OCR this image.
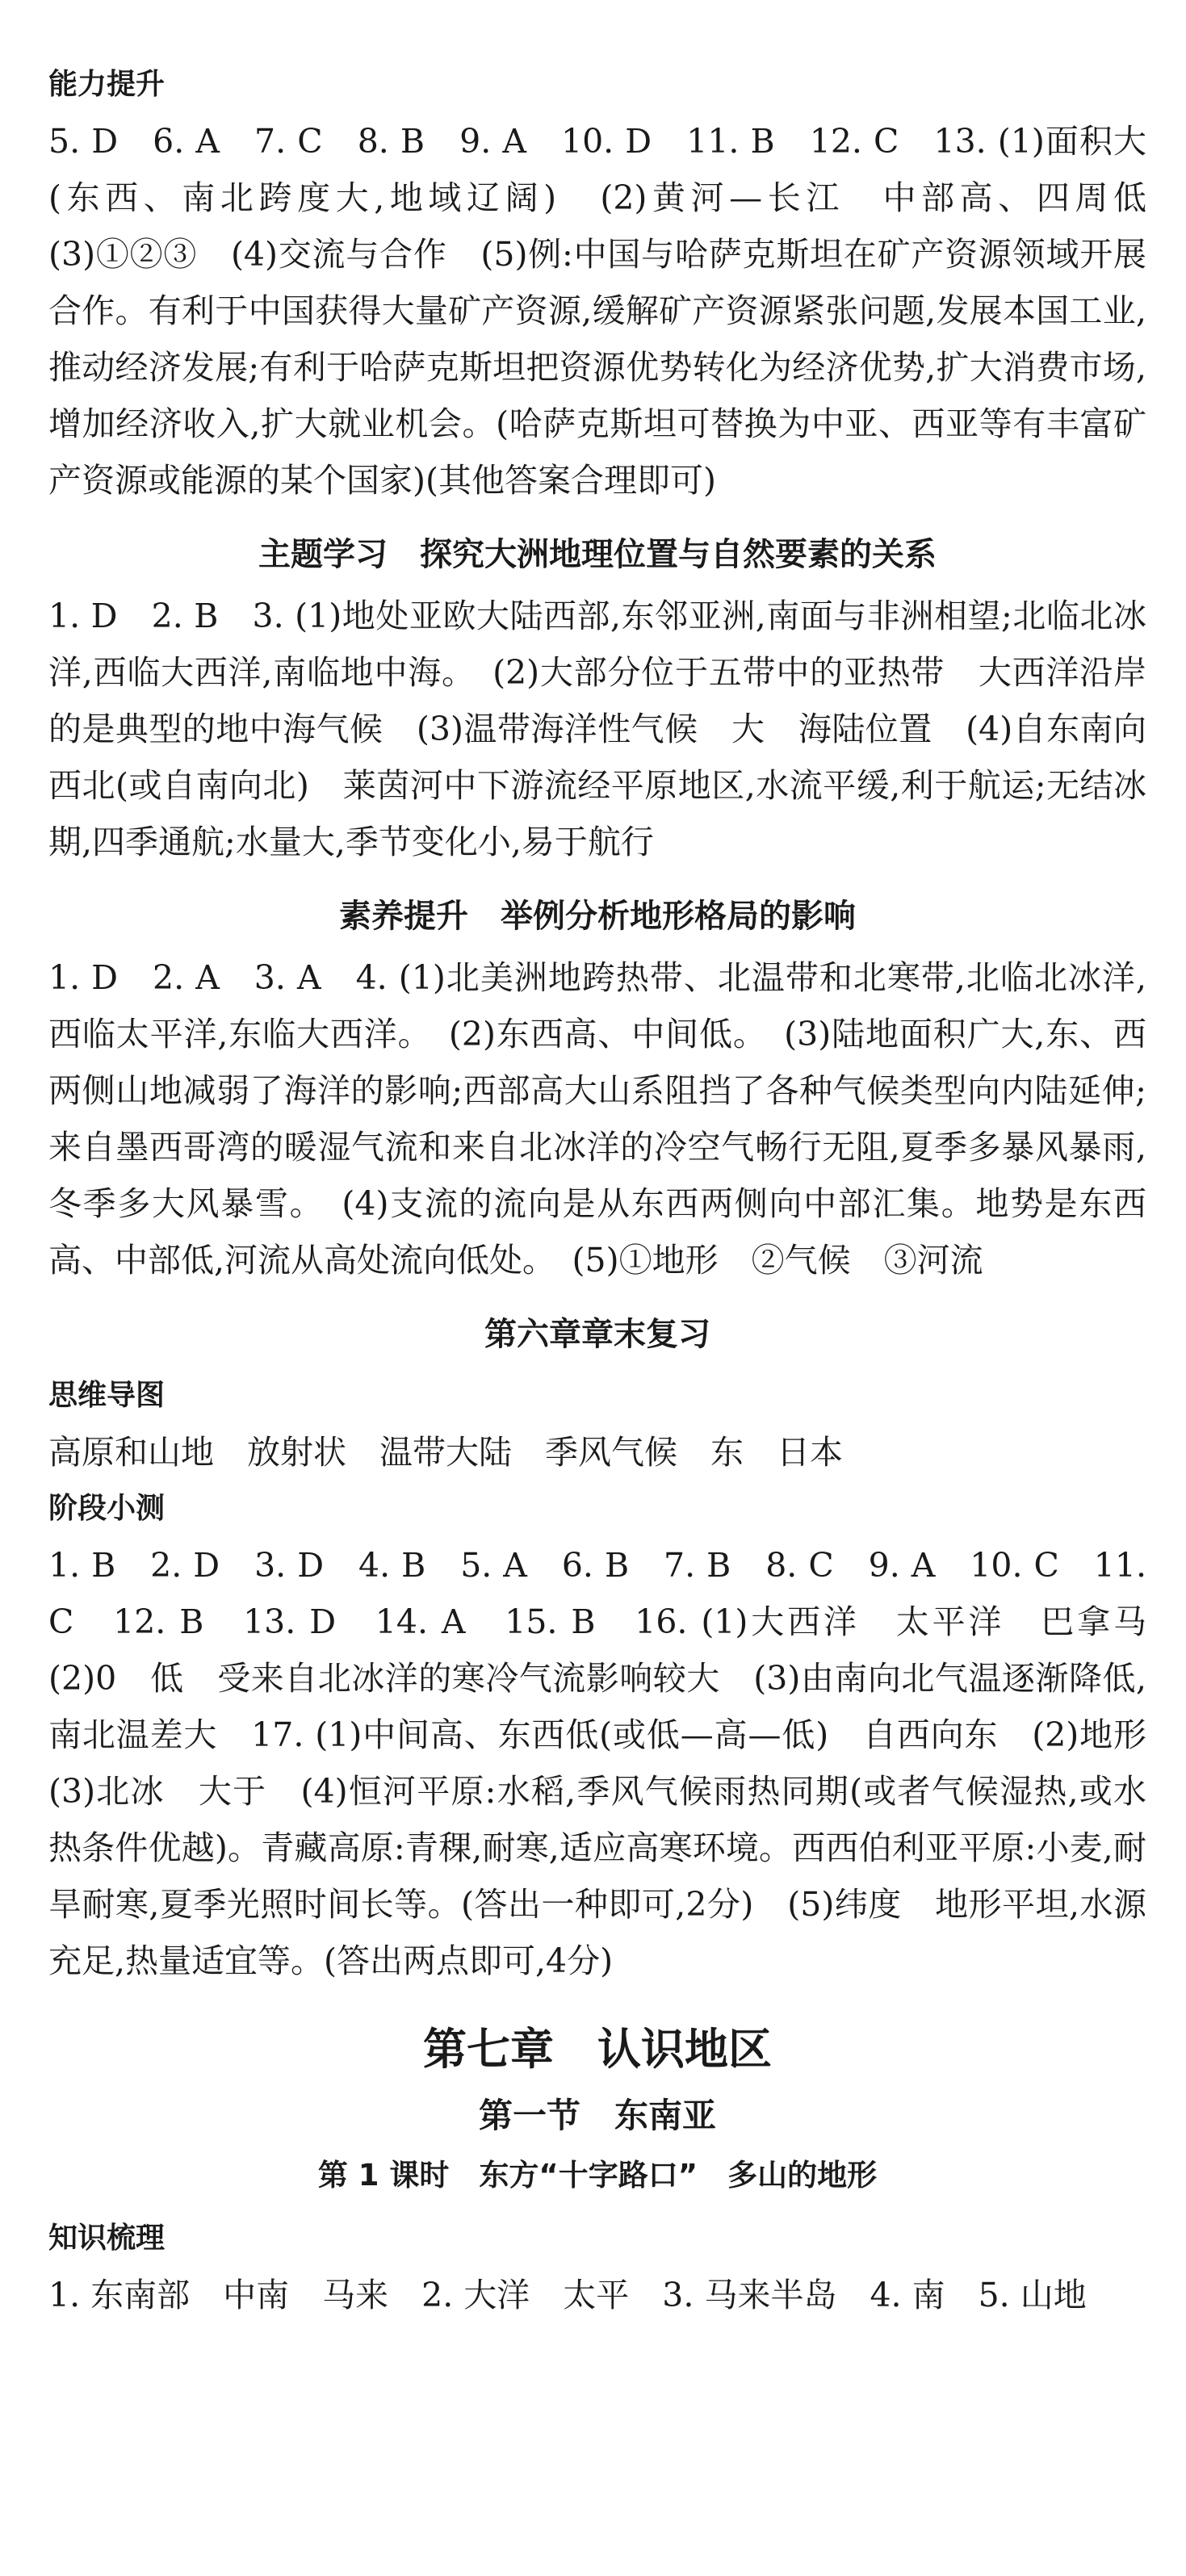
能力提升

5. D　6. A　7. C　8. B　9. A　10. D　11. B　12. C　13. (1)面积大(东西、南北跨度大,地域辽阔)　(2)黄河—长江　中部高、四周低　(3)①②③　(4)交流与合作　(5)例:中国与哈萨克斯坦在矿产资源领域开展合作。有利于中国获得大量矿产资源,缓解矿产资源紧张问题,发展本国工业,推动经济发展;有利于哈萨克斯坦把资源优势转化为经济优势,扩大消费市场,增加经济收入,扩大就业机会。(哈萨克斯坦可替换为中亚、西亚等有丰富矿产资源或能源的某个国家)(其他答案合理即可)

主题学习　探究大洲地理位置与自然要素的关系

1. D　2. B　3. (1)地处亚欧大陆西部,东邻亚洲,南面与非洲相望;北临北冰洋,西临大西洋,南临地中海。　(2)大部分位于五带中的亚热带　大西洋沿岸的是典型的地中海气候　(3)温带海洋性气候　大　海陆位置　(4)自东南向西北(或自南向北)　莱茵河中下游流经平原地区,水流平缓,利于航运;无结冰期,四季通航;水量大,季节变化小,易于航行

素养提升　举例分析地形格局的影响

1. D　2. A　3. A　4. (1)北美洲地跨热带、北温带和北寒带,北临北冰洋,西临太平洋,东临大西洋。　(2)东西高、中间低。　(3)陆地面积广大,东、西两侧山地减弱了海洋的影响;西部高大山系阻挡了各种气候类型向内陆延伸;来自墨西哥湾的暖湿气流和来自北冰洋的冷空气畅行无阻,夏季多暴风暴雨,冬季多大风暴雪。　(4)支流的流向是从东西两侧向中部汇集。地势是东西高、中部低,河流从高处流向低处。　(5)①地形　②气候　③河流

第六章章末复习

思维导图

高原和山地　放射状　温带大陆　季风气候　东　日本

阶段小测

1. B　2. D　3. D　4. B　5. A　6. B　7. B　8. C　9. A　10. C　11. C　12. B　13. D　14. A　15. B　16. (1)大西洋　太平洋　巴拿马　(2)0　低　受来自北冰洋的寒冷气流影响较大　(3)由南向北气温逐渐降低,南北温差大　17. (1)中间高、东西低(或低—高—低)　自西向东　(2)地形　(3)北冰　大于　(4)恒河平原:水稻,季风气候雨热同期(或者气候湿热,或水热条件优越)。青藏高原:青稞,耐寒,适应高寒环境。西西伯利亚平原:小麦,耐旱耐寒,夏季光照时间长等。(答出一种即可,2分)　(5)纬度　地形平坦,水源充足,热量适宜等。(答出两点即可,4分)

第七章　认识地区

第一节　东南亚

第 1 课时　东方“十字路口”　多山的地形

知识梳理

1. 东南部　中南　马来　2. 大洋　太平　3. 马来半岛　4. 南　5. 山地
